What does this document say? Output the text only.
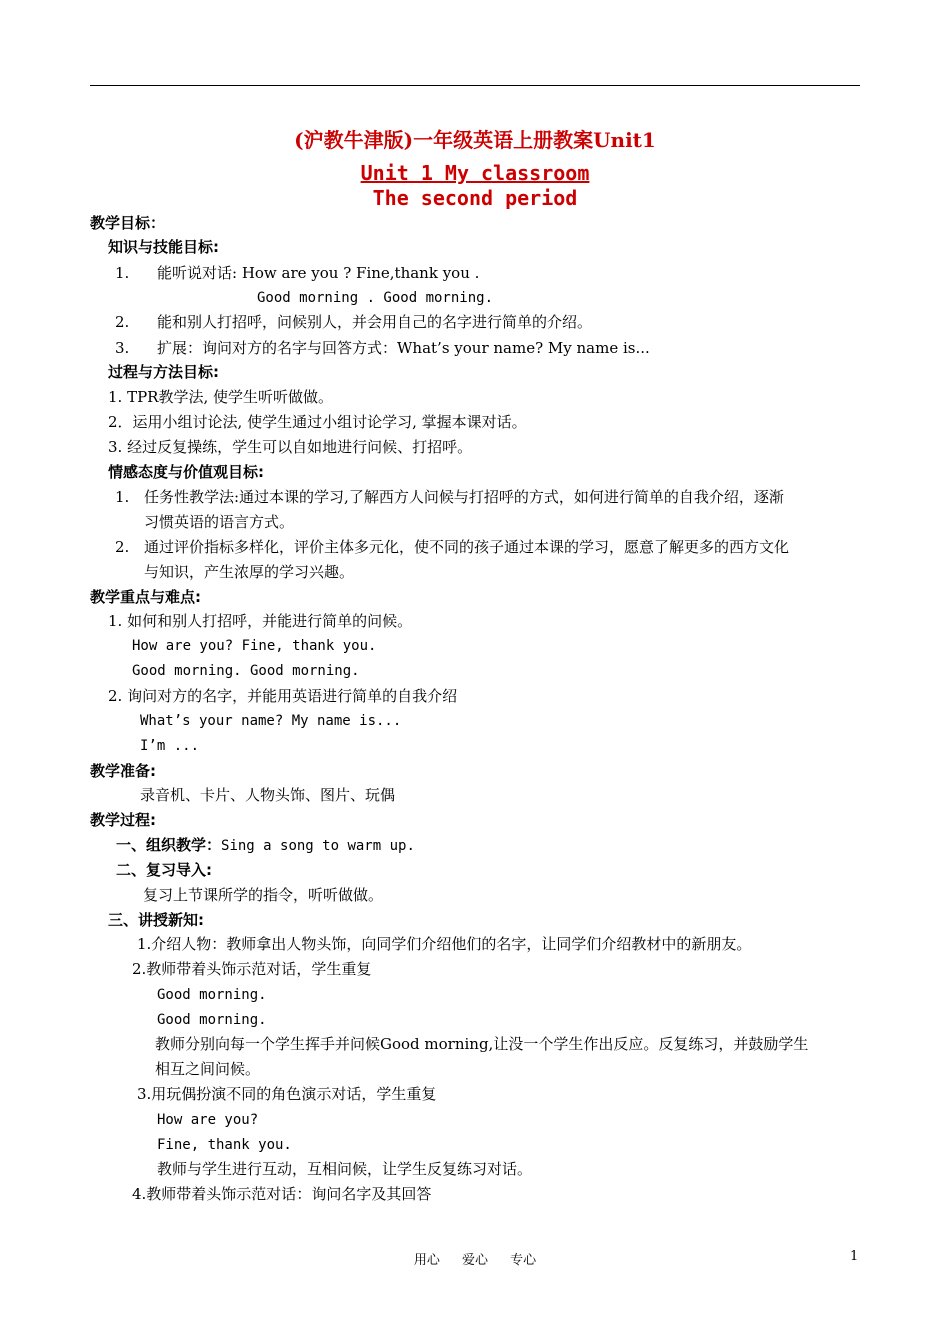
(沪教牛津版)一年级英语上册教案Unit1
Unit 1 My classroom
The second period
教学目标：
知识与技能目标:
1. 能听说对话: How are you ? Fine,thank you .
Good morning . Good morning.
2. 能和别人打招呼，问候别人，并会用自己的名字进行简单的介绍。
3. 扩展：询问对方的名字与回答方式：What’s your name? My name is...
过程与方法目标:
1. TPR教学法, 使学生听听做做。
2．运用小组讨论法, 使学生通过小组讨论学习, 掌握本课对话。
3. 经过反复操练，学生可以自如地进行问候、打招呼。
情感态度与价值观目标:
1. 任务性教学法:通过本课的学习,了解西方人问候与打招呼的方式，如何进行简单的自我介绍，逐渐
习惯英语的语言方式。
2. 通过评价指标多样化，评价主体多元化，使不同的孩子通过本课的学习，愿意了解更多的西方文化
与知识，产生浓厚的学习兴趣。
教学重点与难点:
1. 如何和别人打招呼，并能进行简单的问候。
How are you? Fine, thank you.
Good morning. Good morning.
2. 询问对方的名字，并能用英语进行简单的自我介绍
What’s your name? My name is...
I’m ...
教学准备:
录音机、卡片、人物头饰、图片、玩偶
教学过程:
一、组织教学：Sing a song to warm up.
二、复习导入:
复习上节课所学的指令，听听做做。
三、讲授新知:
1.介绍人物：教师拿出人物头饰，向同学们介绍他们的名字，让同学们介绍教材中的新朋友。
2.教师带着头饰示范对话，学生重复
Good morning.
Good morning.
教师分别向每一个学生挥手并问候Good morning,让没一个学生作出反应。反复练习，并鼓励学生
相互之间问候。
3.用玩偶扮演不同的角色演示对话，学生重复
How are you?
Fine, thank you.
教师与学生进行互动，互相问候，让学生反复练习对话。
4.教师带着头饰示范对话：询问名字及其回答
用心 爱心 专心	1
